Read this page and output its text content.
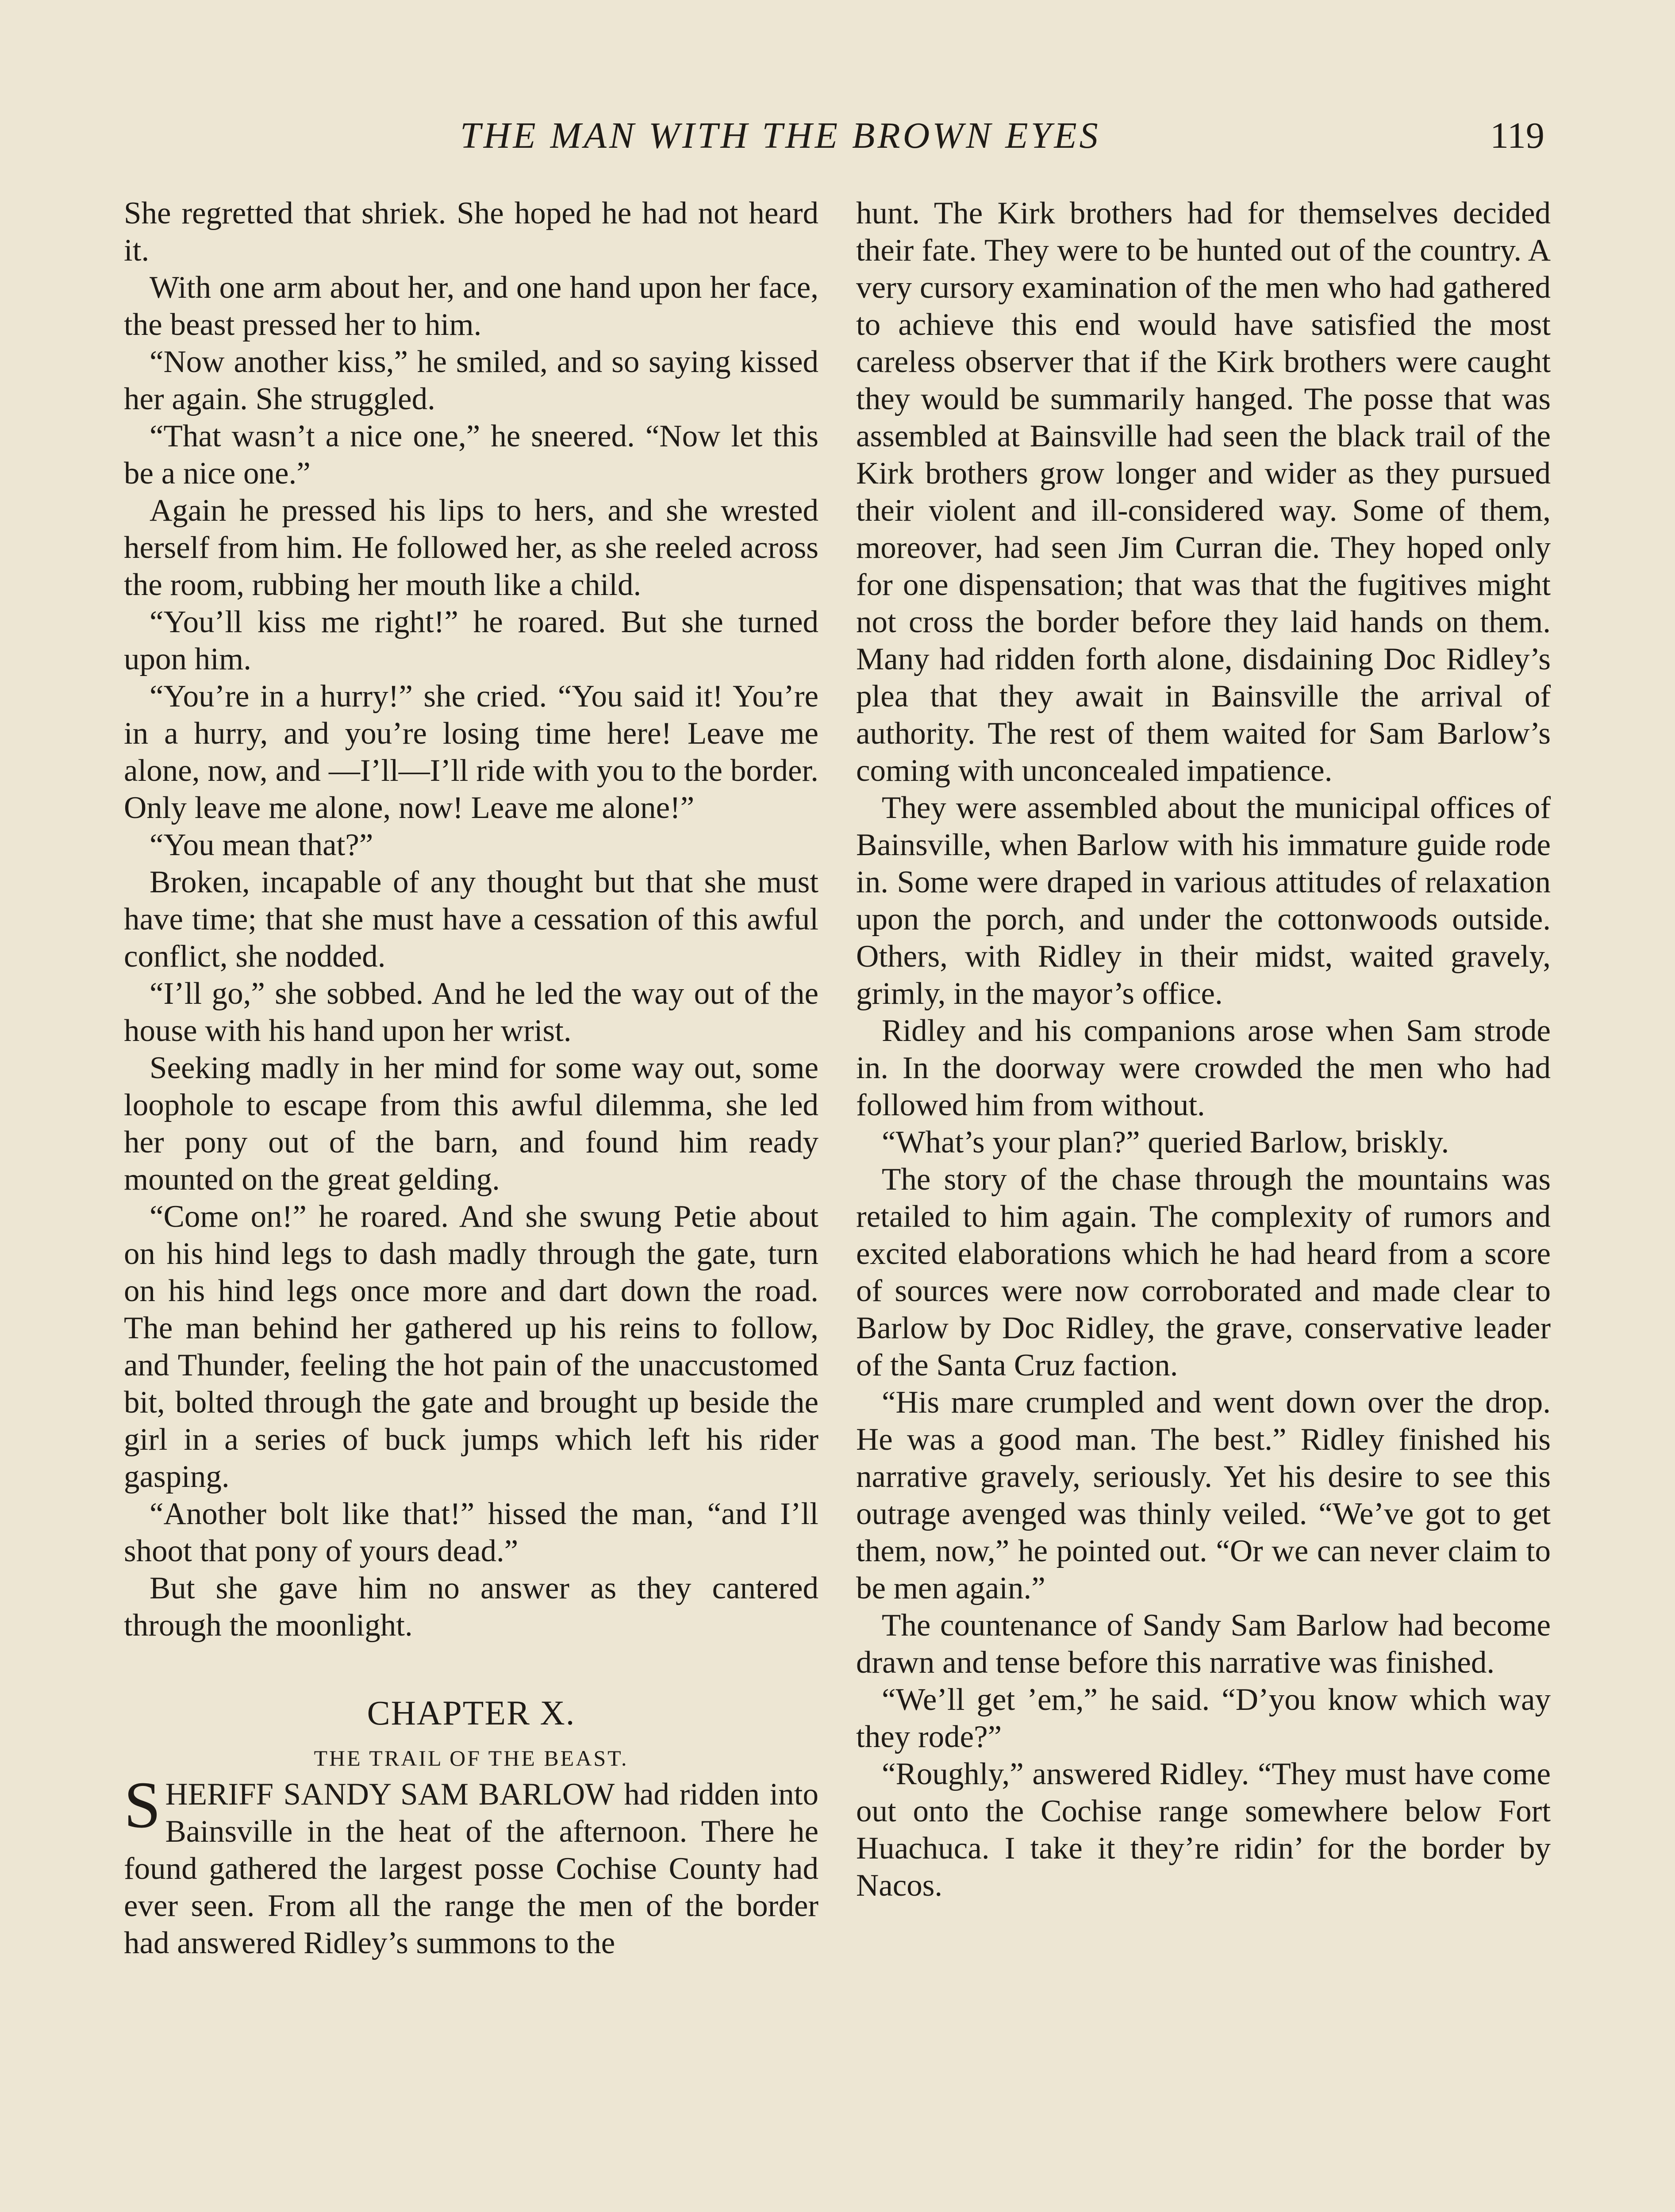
THE MAN WITH THE BROWN EYES	119

She regretted that shriek. She hoped he had not heard it.

With one arm about her, and one hand upon her face, the beast pressed her to him.

“Now another kiss,” he smiled, and so saying kissed her again. She struggled.

“That wasn’t a nice one,” he sneered. “Now let this be a nice one.”

Again he pressed his lips to hers, and she wrested herself from him. He followed her, as she reeled across the room, rubbing her mouth like a child.

“You’ll kiss me right!” he roared. But she turned upon him.

“You’re in a hurry!” she cried. “You said it! You’re in a hurry, and you’re losing time here! Leave me alone, now, and —I’ll—I’ll ride with you to the border. Only leave me alone, now! Leave me alone!”

“You mean that?”

Broken, incapable of any thought but that she must have time; that she must have a cessation of this awful conflict, she nodded.

“I’ll go,” she sobbed. And he led the way out of the house with his hand upon her wrist.

Seeking madly in her mind for some way out, some loophole to escape from this awful dilemma, she led her pony out of the barn, and found him ready mounted on the great gelding.

“Come on!” he roared. And she swung Petie about on his hind legs to dash madly through the gate, turn on his hind legs once more and dart down the road. The man behind her gathered up his reins to follow, and Thunder, feeling the hot pain of the unaccustomed bit, bolted through the gate and brought up beside the girl in a series of buck jumps which left his rider gasping.

“Another bolt like that!” hissed the man, “and I’ll shoot that pony of yours dead.”

But she gave him no answer as they cantered through the moonlight.

CHAPTER X.
THE TRAIL OF THE BEAST.

S HERIFF SANDY SAM BARLOW had ridden into Bainsville in the heat of the afternoon. There he found gathered the largest posse Cochise County had ever seen. From all the range the men of the border had answered Ridley’s summons to the

hunt. The Kirk brothers had for themselves decided their fate. They were to be hunted out of the country. A very cursory examination of the men who had gathered to achieve this end would have satisfied the most careless observer that if the Kirk brothers were caught they would be summarily hanged. The posse that was assembled at Bainsville had seen the black trail of the Kirk brothers grow longer and wider as they pursued their violent and ill-considered way. Some of them, moreover, had seen Jim Curran die. They hoped only for one dispensation; that was that the fugitives might not cross the border before they laid hands on them. Many had ridden forth alone, disdaining Doc Ridley’s plea that they await in Bainsville the arrival of authority. The rest of them waited for Sam Barlow’s coming with unconcealed impatience.

They were assembled about the municipal offices of Bainsville, when Barlow with his immature guide rode in. Some were draped in various attitudes of relaxation upon the porch, and under the cottonwoods outside. Others, with Ridley in their midst, waited gravely, grimly, in the mayor’s office.

Ridley and his companions arose when Sam strode in. In the doorway were crowded the men who had followed him from without.

“What’s your plan?” queried Barlow, briskly.

The story of the chase through the mountains was retailed to him again. The complexity of rumors and excited elaborations which he had heard from a score of sources were now corroborated and made clear to Barlow by Doc Ridley, the grave, conservative leader of the Santa Cruz faction.

“His mare crumpled and went down over the drop. He was a good man. The best.” Ridley finished his narrative gravely, seriously. Yet his desire to see this outrage avenged was thinly veiled. “We’ve got to get them, now,” he pointed out. “Or we can never claim to be men again.”

The countenance of Sandy Sam Barlow had become drawn and tense before this narrative was finished.

“We’ll get ’em,” he said. “D’you know which way they rode?”

“Roughly,” answered Ridley. “They must have come out onto the Cochise range somewhere below Fort Huachuca. I take it they’re ridin’ for the border by Nacos.
